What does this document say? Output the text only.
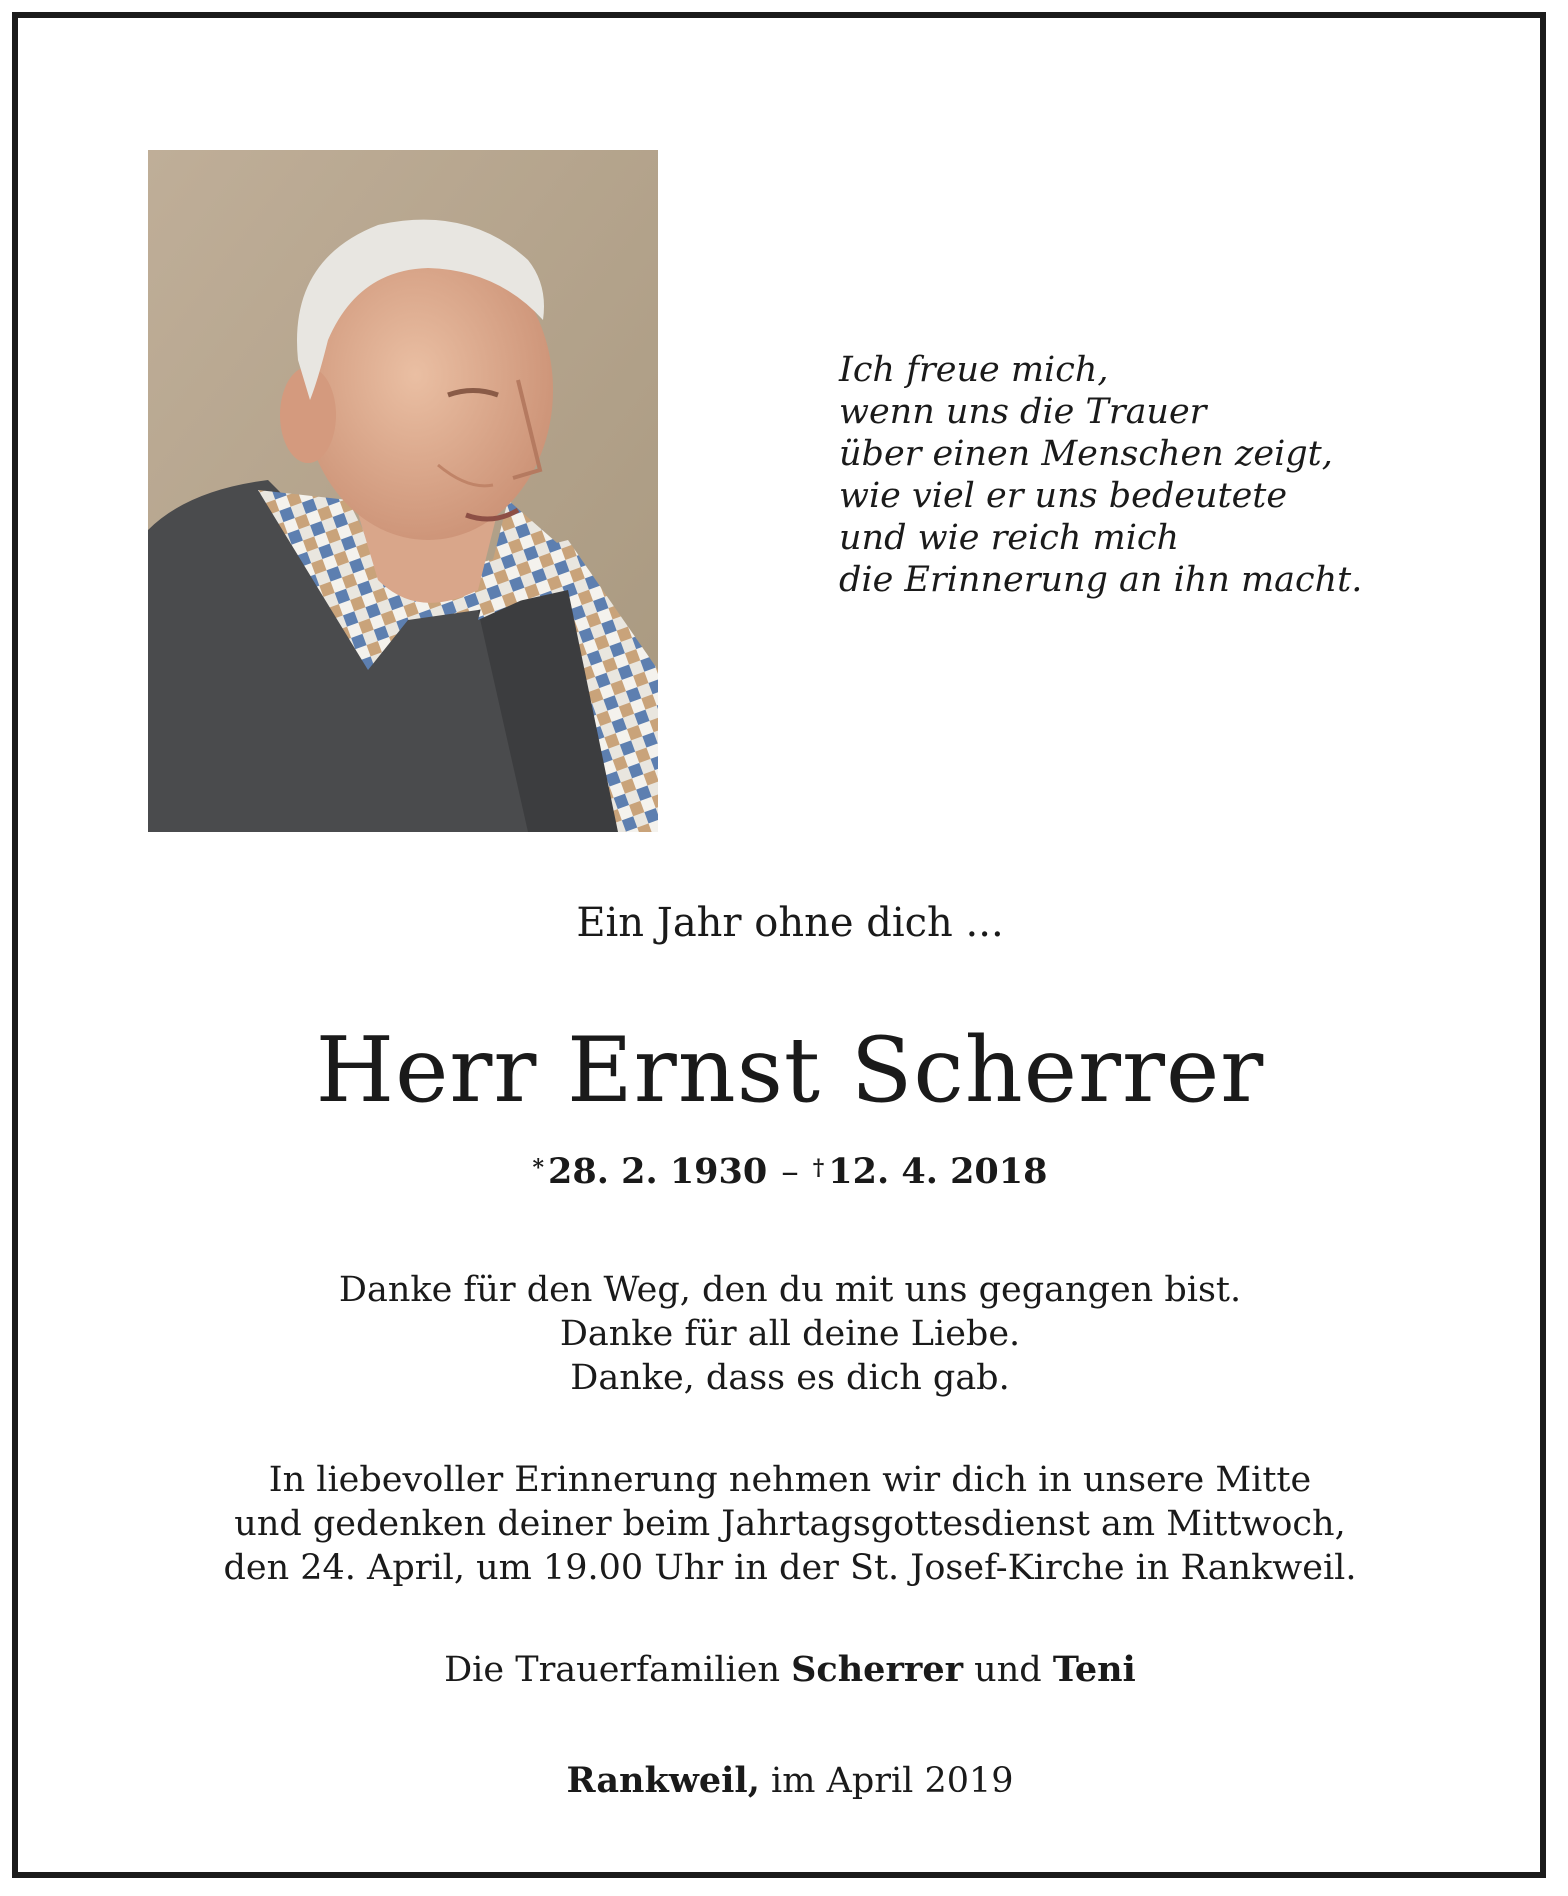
Ich freue mich,
wenn uns die Trauer
über einen Menschen zeigt,
wie viel er uns bedeutete
und wie reich mich
die Erinnerung an ihn macht.
Ein Jahr ohne dich ...
Herr Ernst Scherrer
* 28. 2. 1930 – † 12. 4. 2018
Danke für den Weg, den du mit uns gegangen bist.
Danke für all deine Liebe.
Danke, dass es dich gab.
In liebevoller Erinnerung nehmen wir dich in unsere Mitte
und gedenken deiner beim Jahrtagsgottesdienst am Mittwoch,
den 24. April, um 19.00 Uhr in der St. Josef-Kirche in Rankweil.
Die Trauerfamilien Scherrer und Teni
Rankweil, im April 2019
